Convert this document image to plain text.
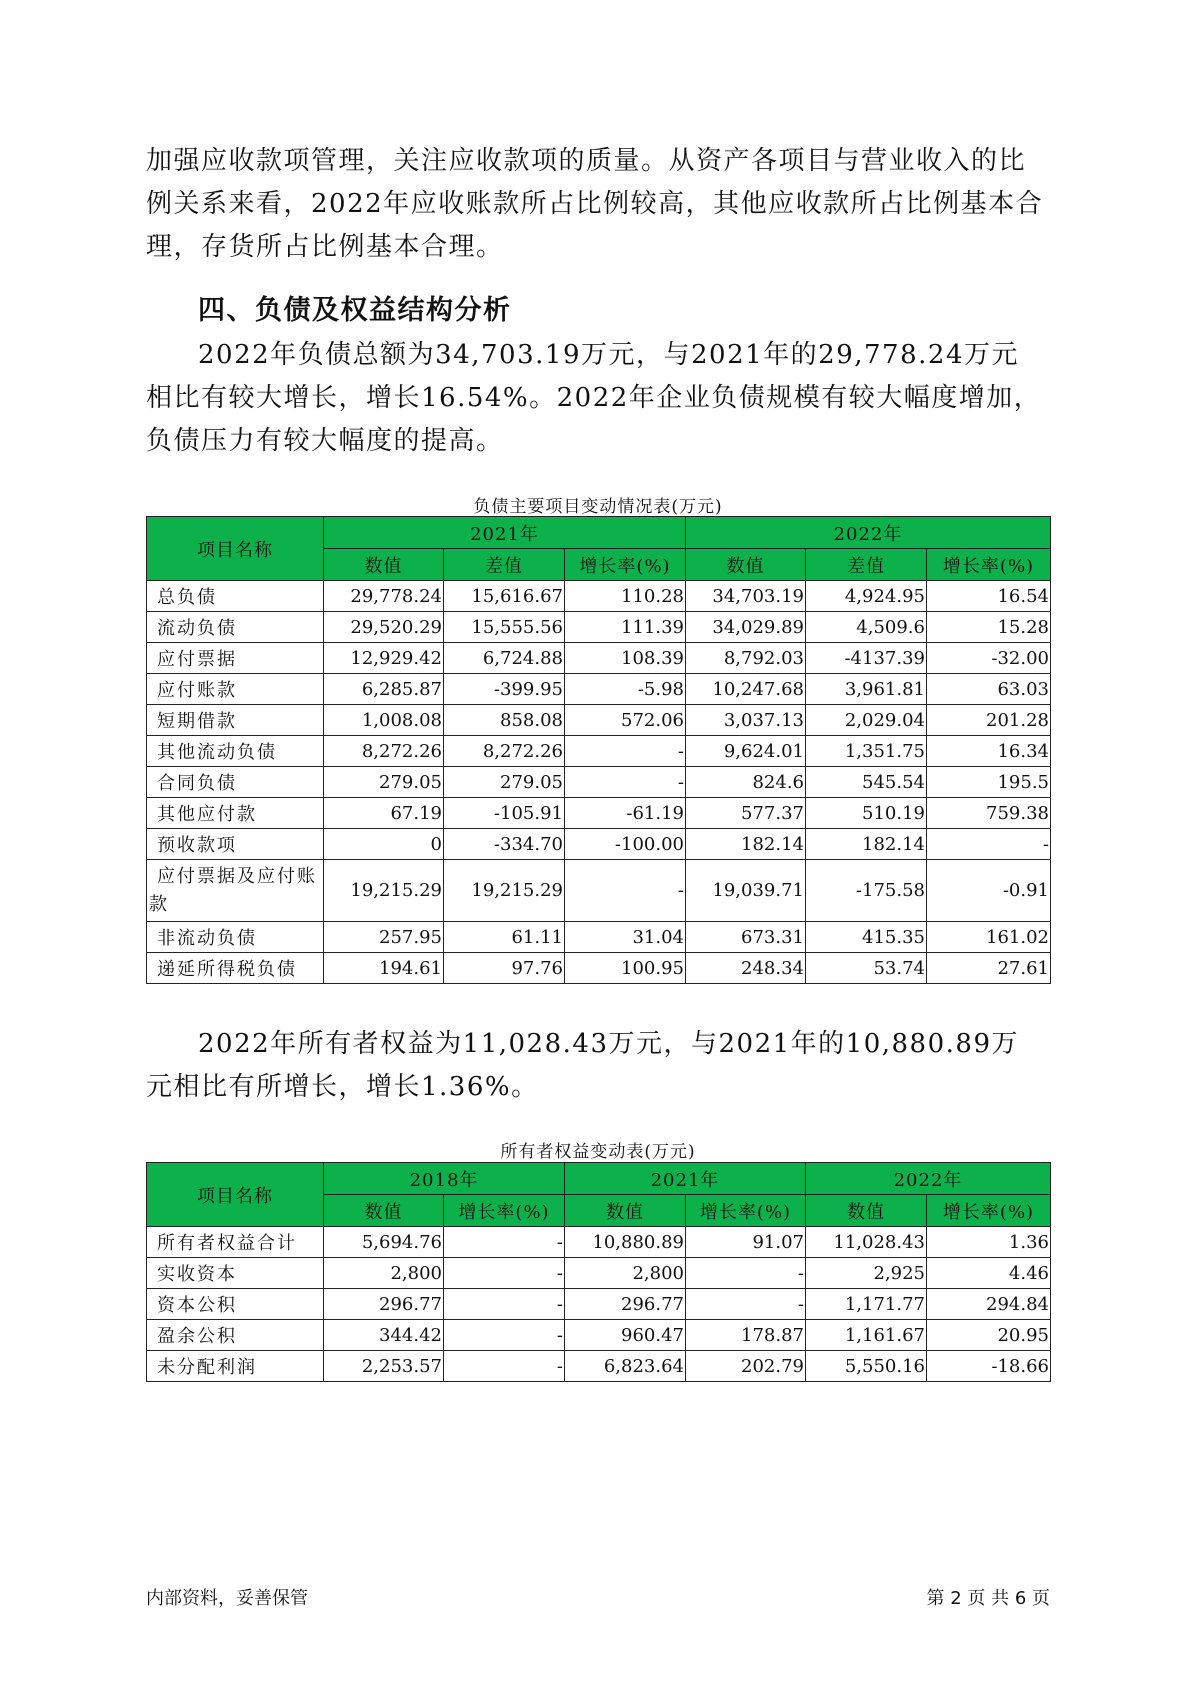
加强应收款项管理，关注应收款项的质量。从资产各项目与营业收入的比例关系来看，2022年应收账款所占比例较高，其他应收款所占比例基本合理，存货所占比例基本合理。

四、负债及权益结构分析

2022年负债总额为34,703.19万元，与2021年的29,778.24万元相比有较大增长，增长16.54%。2022年企业负债规模有较大幅度增加，负债压力有较大幅度的提高。

负债主要项目变动情况表(万元)

项目名称	2021年			2022年		
	数值	差值	增长率(%)	数值	差值	增长率(%)
总负债	29,778.24	15,616.67	110.28	34,703.19	4,924.95	16.54
流动负债	29,520.29	15,555.56	111.39	34,029.89	4,509.6	15.28
应付票据	12,929.42	6,724.88	108.39	8,792.03	-4137.39	-32.00
应付账款	6,285.87	-399.95	-5.98	10,247.68	3,961.81	63.03
短期借款	1,008.08	858.08	572.06	3,037.13	2,029.04	201.28
其他流动负债	8,272.26	8,272.26	-	9,624.01	1,351.75	16.34
合同负债	279.05	279.05	-	824.6	545.54	195.5
其他应付款	67.19	-105.91	-61.19	577.37	510.19	759.38
预收款项	0	-334.70	-100.00	182.14	182.14	-
应付票据及应付账款	19,215.29	19,215.29	-	19,039.71	-175.58	-0.91
非流动负债	257.95	61.11	31.04	673.31	415.35	161.02
递延所得税负债	194.61	97.76	100.95	248.34	53.74	27.61

2022年所有者权益为11,028.43万元，与2021年的10,880.89万元相比有所增长，增长1.36%。

所有者权益变动表(万元)

项目名称	2018年		2021年		2022年	
	数值	增长率(%)	数值	增长率(%)	数值	增长率(%)
所有者权益合计	5,694.76	-	10,880.89	91.07	11,028.43	1.36
实收资本	2,800	-	2,800	-	2,925	4.46
资本公积	296.77	-	296.77	-	1,171.77	294.84
盈余公积	344.42	-	960.47	178.87	1,161.67	20.95
未分配利润	2,253.57	-	6,823.64	202.79	5,550.16	-18.66
内部资料，妥善保管	第 2 页 共 6 页
